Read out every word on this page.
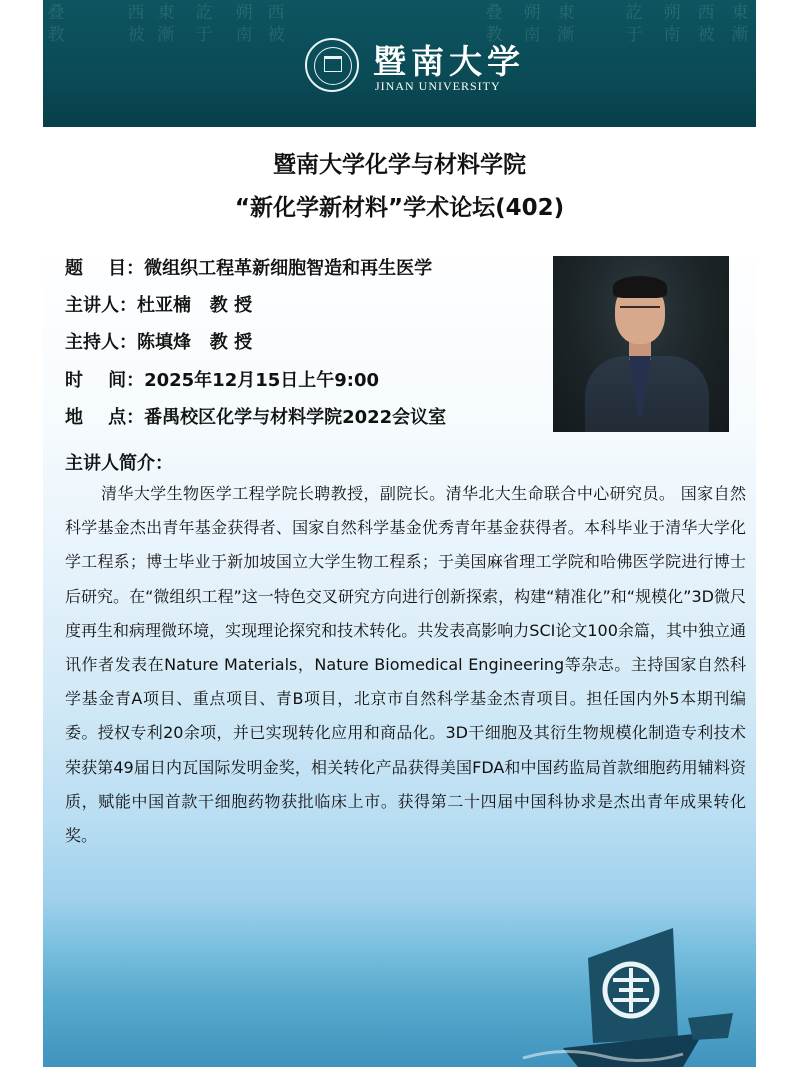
叠
教
西
被
東
漸
訖
于
朔
南
西
被
叠
教
朔
南
東
漸
訖
于
朔
南
西
被
東
漸
暨南大学
JINAN UNIVERSITY
暨南大学化学与材料学院
“新化学新材料”学术论坛(402)
题    目：微组织工程革新细胞智造和再生医学
主讲人：杜亚楠   教 授
主持人：陈填烽   教 授
时    间：2025年12月15日上午9:00
地    点：番禺校区化学与材料学院2022会议室
主讲人简介：

清华大学生物医学工程学院长聘教授，副院长。清华北大生命联合中心研究员。 国家自然科学基金杰出青年基金获得者、国家自然科学基金优秀青年基金获得者。本科毕业于清华大学化学工程系；博士毕业于新加坡国立大学生物工程系；于美国麻省理工学院和哈佛医学院进行博士后研究。在“微组织工程”这一特色交叉研究方向进行创新探索，构建“精准化”和“规模化”3D微尺度再生和病理微环境，实现理论探究和技术转化。共发表高影响力SCI论文100余篇，其中独立通讯作者发表在Nature Materials，Nature Biomedical Engineering等杂志。主持国家自然科学基金青A项目、重点项目、青B项目，北京市自然科学基金杰青项目。担任国内外5本期刊编委。授权专利20余项，并已实现转化应用和商品化。3D干细胞及其衍生物规模化制造专利技术荣获第49届日内瓦国际发明金奖，相关转化产品获得美国FDA和中国药监局首款细胞药用辅料资质，赋能中国首款干细胞药物获批临床上市。获得第二十四届中国科协求是杰出青年成果转化奖。
